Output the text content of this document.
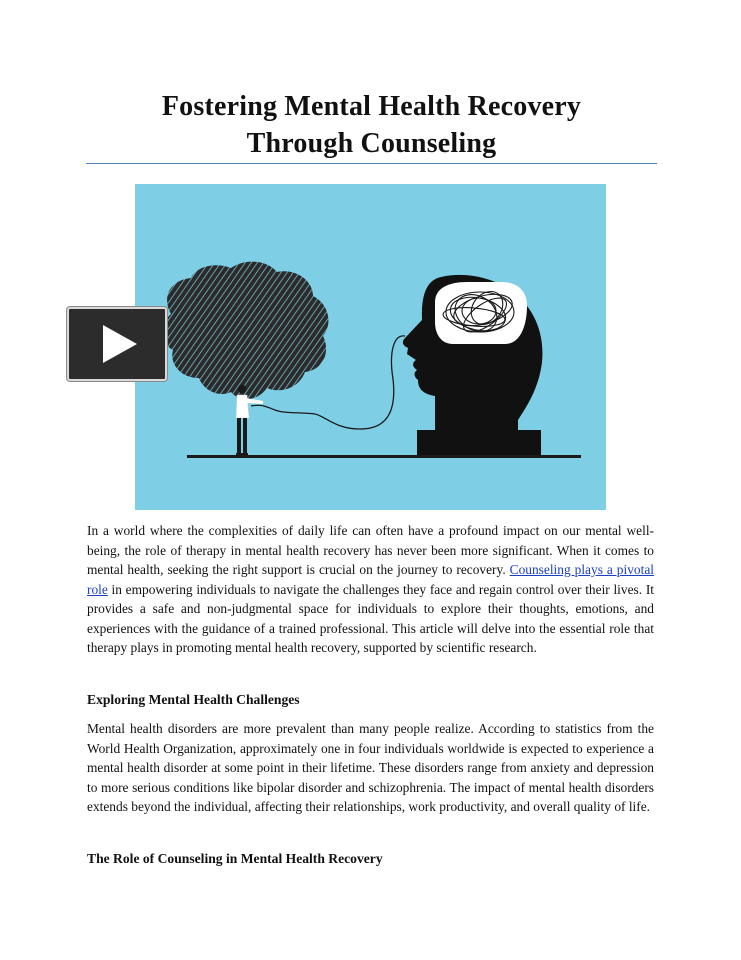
Fostering Mental Health Recovery
Through Counseling

In a world where the complexities of daily life can often have a profound impact on our mental well-being, the role of therapy in mental health recovery has never been more significant. When it comes to mental health, seeking the right support is crucial on the journey to recovery. Counseling plays a pivotal role in empowering individuals to navigate the challenges they face and regain control over their lives. It provides a safe and non-judgmental space for individuals to explore their thoughts, emotions, and experiences with the guidance of a trained professional. This article will delve into the essential role that therapy plays in promoting mental health recovery, supported by scientific research.

Exploring Mental Health Challenges

Mental health disorders are more prevalent than many people realize. According to statistics from the World Health Organization, approximately one in four individuals worldwide is expected to experience a mental health disorder at some point in their lifetime. These disorders range from anxiety and depression to more serious conditions like bipolar disorder and schizophrenia. The impact of mental health disorders extends beyond the individual, affecting their relationships, work productivity, and overall quality of life.

The Role of Counseling in Mental Health Recovery
